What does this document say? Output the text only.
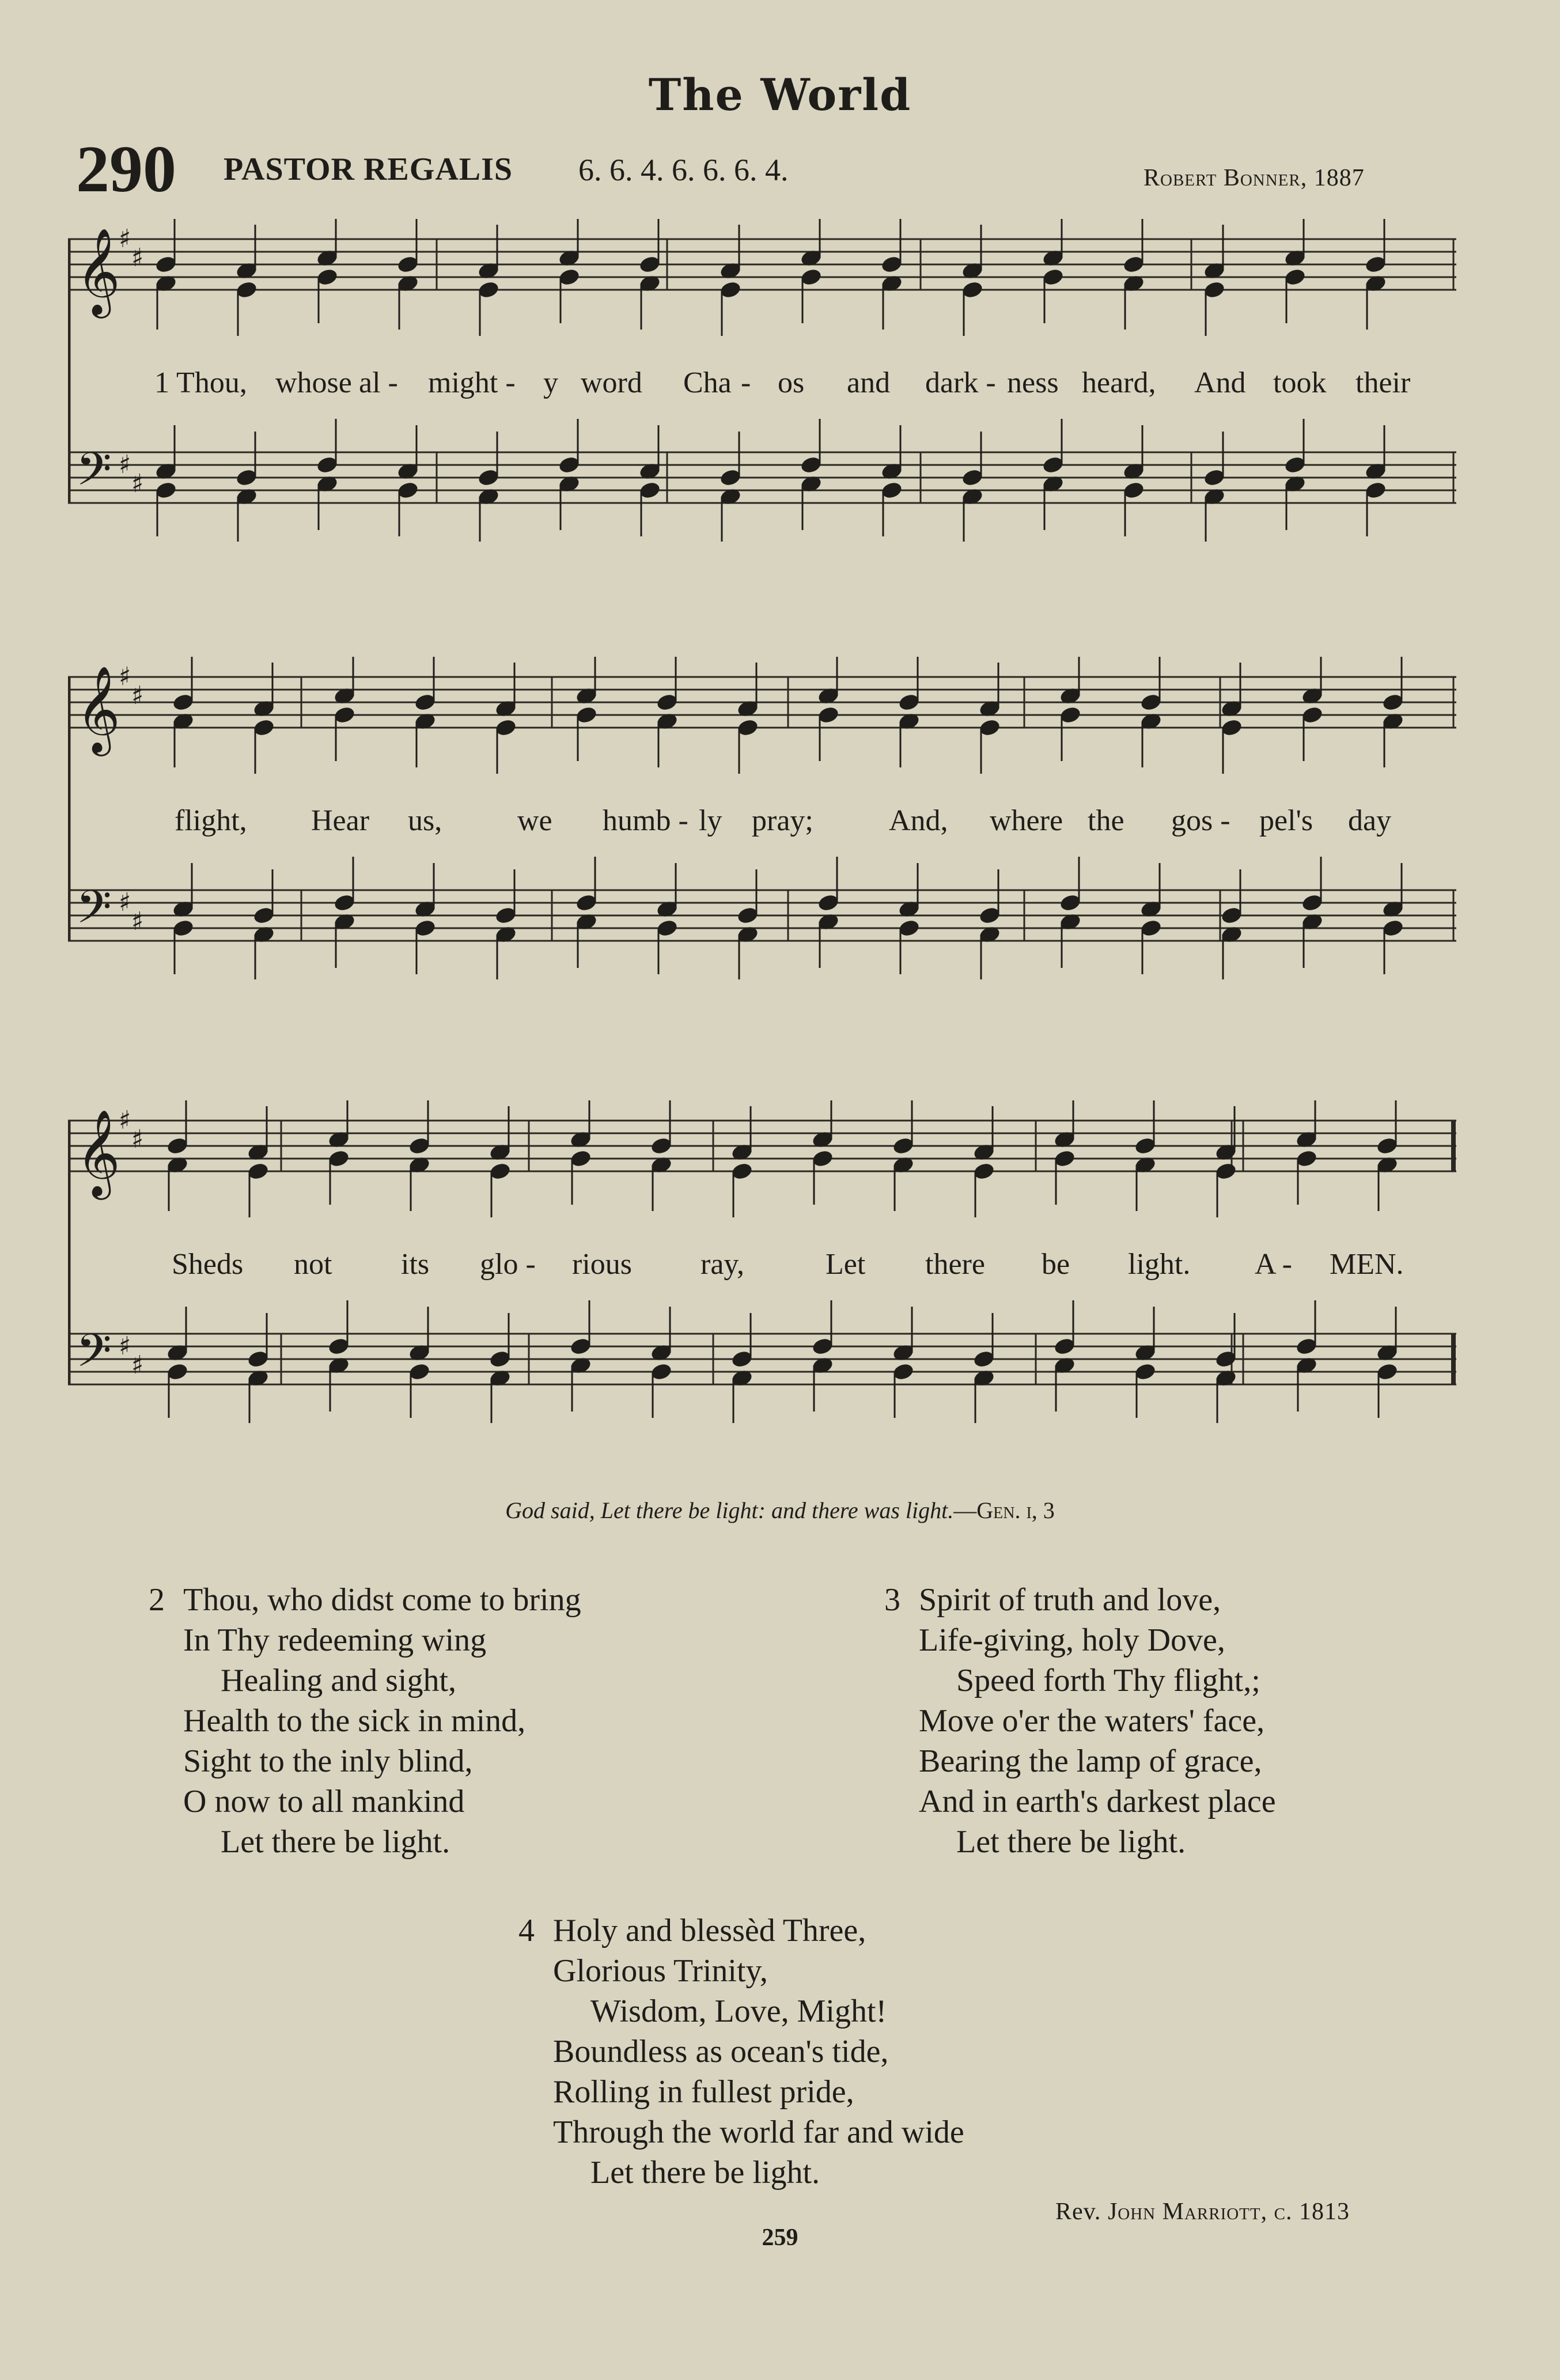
The World
290 PASTOR REGALIS 6. 6. 4. 6. 6. 6. 4.	Robert Bonner, 1887
𝄞
𝄢
♯
♯
♯
♯
1 Thou, whose al - might - y word Cha - os and dark - ness heard, And took their
𝄞
𝄢
♯
♯
♯
♯
flight, Hear us,	we humb - ly pray;	And, where the gos - pel's day
𝄞
𝄢
♯
♯
♯
♯
Sheds not its glo - rious ray,	Let there be light. A - MEN.
God said, Let there be light: and there was light.—Gen. i, 3
2 Thou, who didst come to bring
In Thy redeeming wing
Healing and sight,
Health to the sick in mind,
Sight to the inly blind,
O now to all mankind
Let there be light.
3 Spirit of truth and love,
Life-giving, holy Dove,
Speed forth Thy flight,;
Move o'er the waters' face,
Bearing the lamp of grace,
And in earth's darkest place
Let there be light.
4 Holy and blessèd Three,
Glorious Trinity,
Wisdom, Love, Might!
Boundless as ocean's tide,
Rolling in fullest pride,
Through the world far and wide
Let there be light.
Rev. John Marriott, c. 1813
259
